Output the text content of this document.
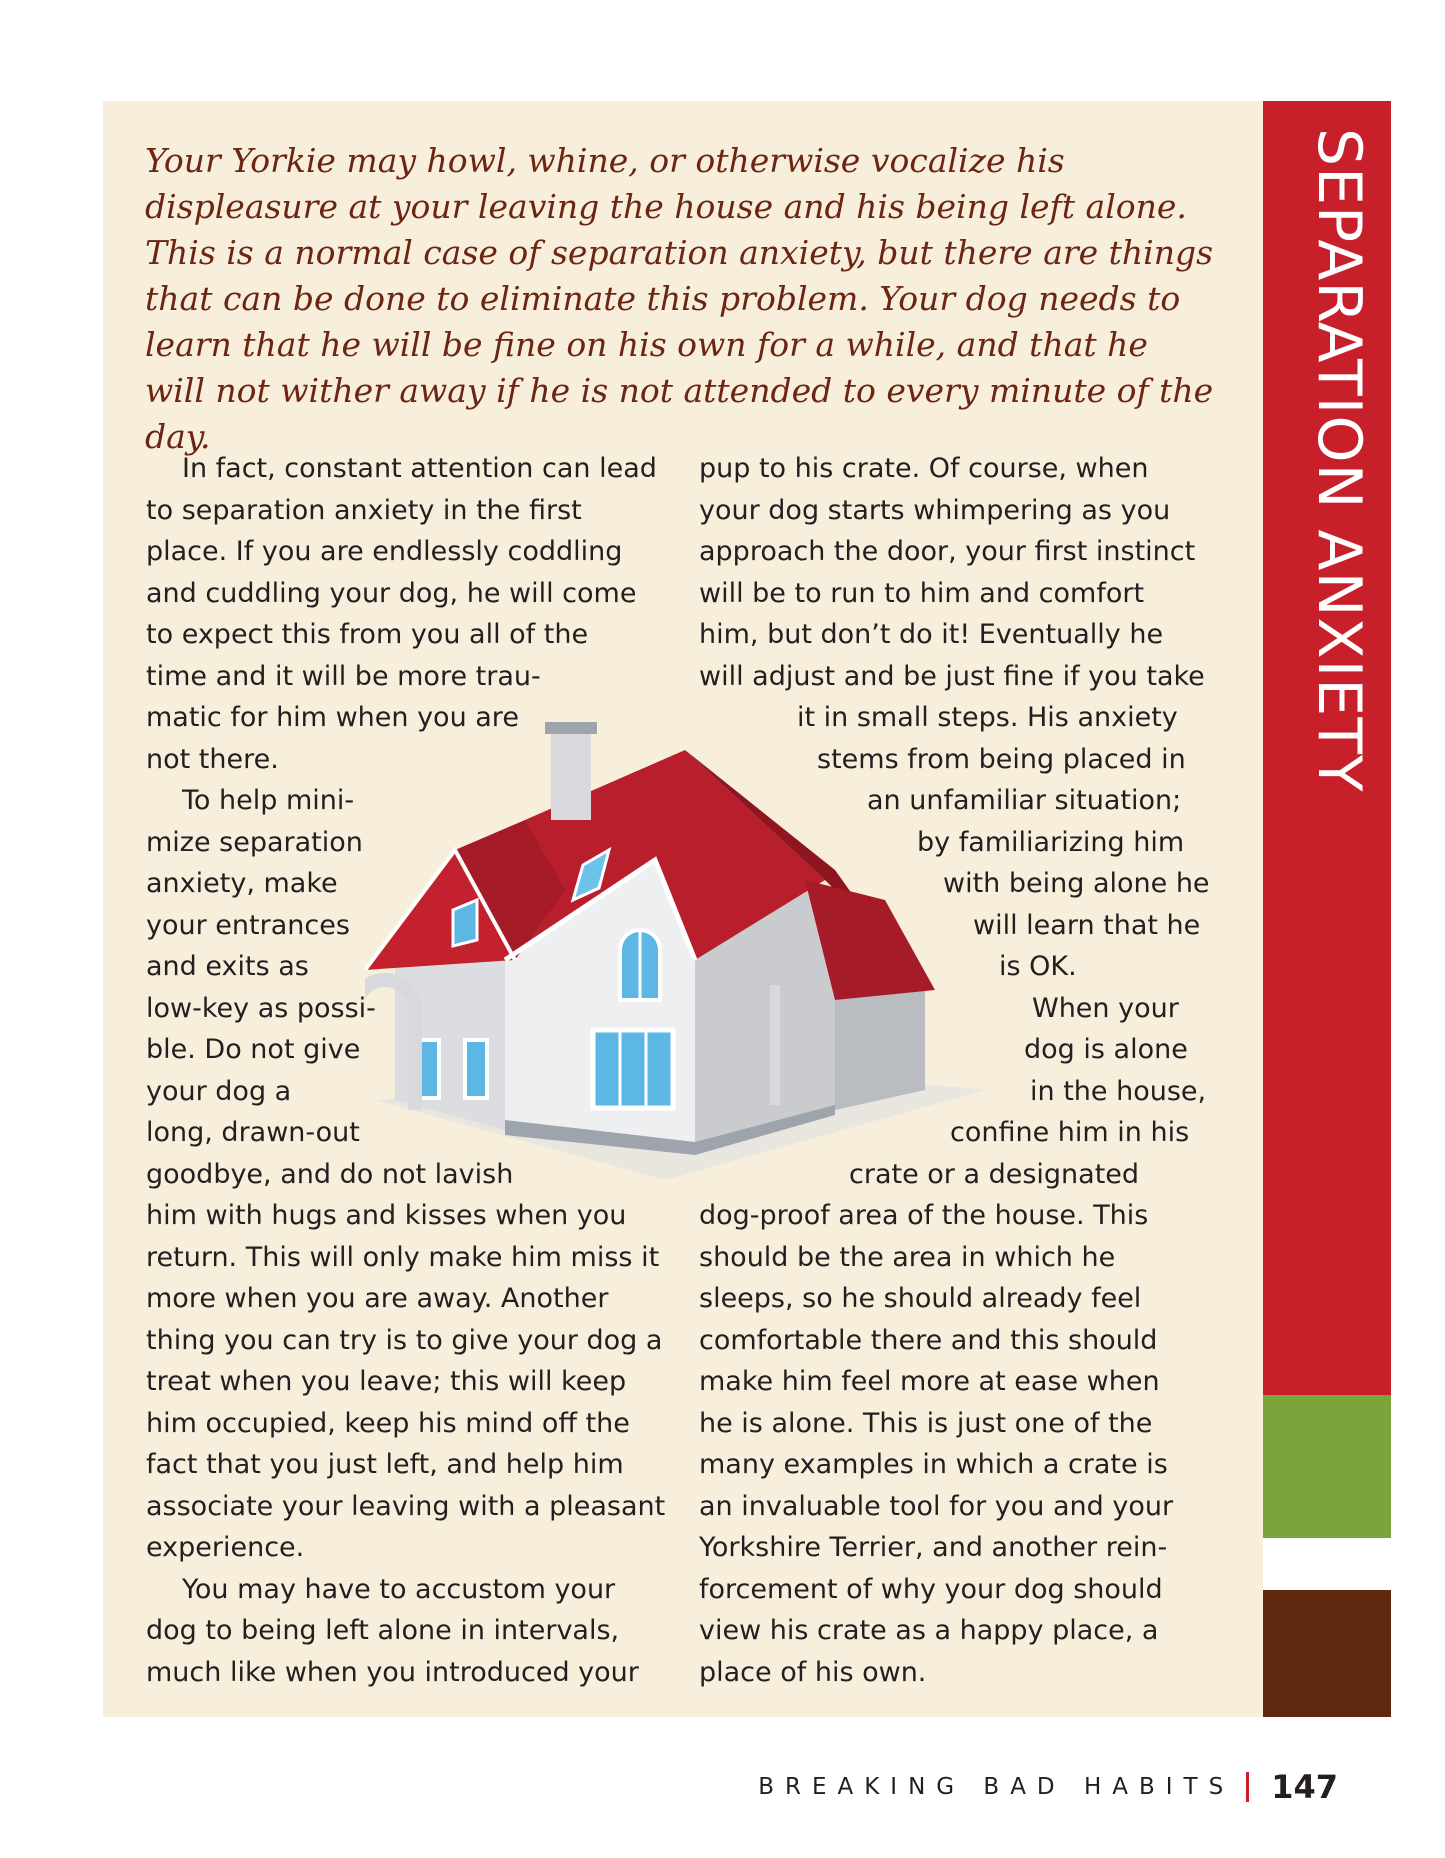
SEPARATION ANXIETY
Your Yorkie may howl, whine, or otherwise vocalize his displeasure at your leaving the house and his being left alone. This is a normal case of separation anxiety, but there are things that can be done to eliminate this problem. Your dog needs to learn that he will be fine on his own for a while, and that he will not wither away if he is not attended to every minute of the day.
In fact, constant attention can lead
to separation anxiety in the first
place. If you are endlessly coddling
and cuddling your dog, he will come
to expect this from you all of the
time and it will be more trau-
matic for him when you are
not there.
To help mini-
mize separation
anxiety, make
your entrances
and exits as
low-key as possi-
ble. Do not give
your dog a
long, drawn-out
goodbye, and do not lavish
him with hugs and kisses when you
return. This will only make him miss it
more when you are away. Another
thing you can try is to give your dog a
treat when you leave; this will keep
him occupied, keep his mind off the
fact that you just left, and help him
associate your leaving with a pleasant
experience.
You may have to accustom your
dog to being left alone in intervals,
much like when you introduced your
pup to his crate. Of course, when
your dog starts whimpering as you
approach the door, your first instinct
will be to run to him and comfort
him, but don’t do it! Eventually he
will adjust and be just fine if you take
it in small steps. His anxiety
stems from being placed in
an unfamiliar situation;
by familiarizing him
with being alone he
will learn that he
is OK.
When your
dog is alone
in the house,
confine him in his
crate or a designated
dog-proof area of the house. This
should be the area in which he
sleeps, so he should already feel
comfortable there and this should
make him feel more at ease when
he is alone. This is just one of the
many examples in which a crate is
an invaluable tool for you and your
Yorkshire Terrier, and another rein-
forcement of why your dog should
view his crate as a happy place, a
place of his own.
BREAKING BAD HABITS 147
